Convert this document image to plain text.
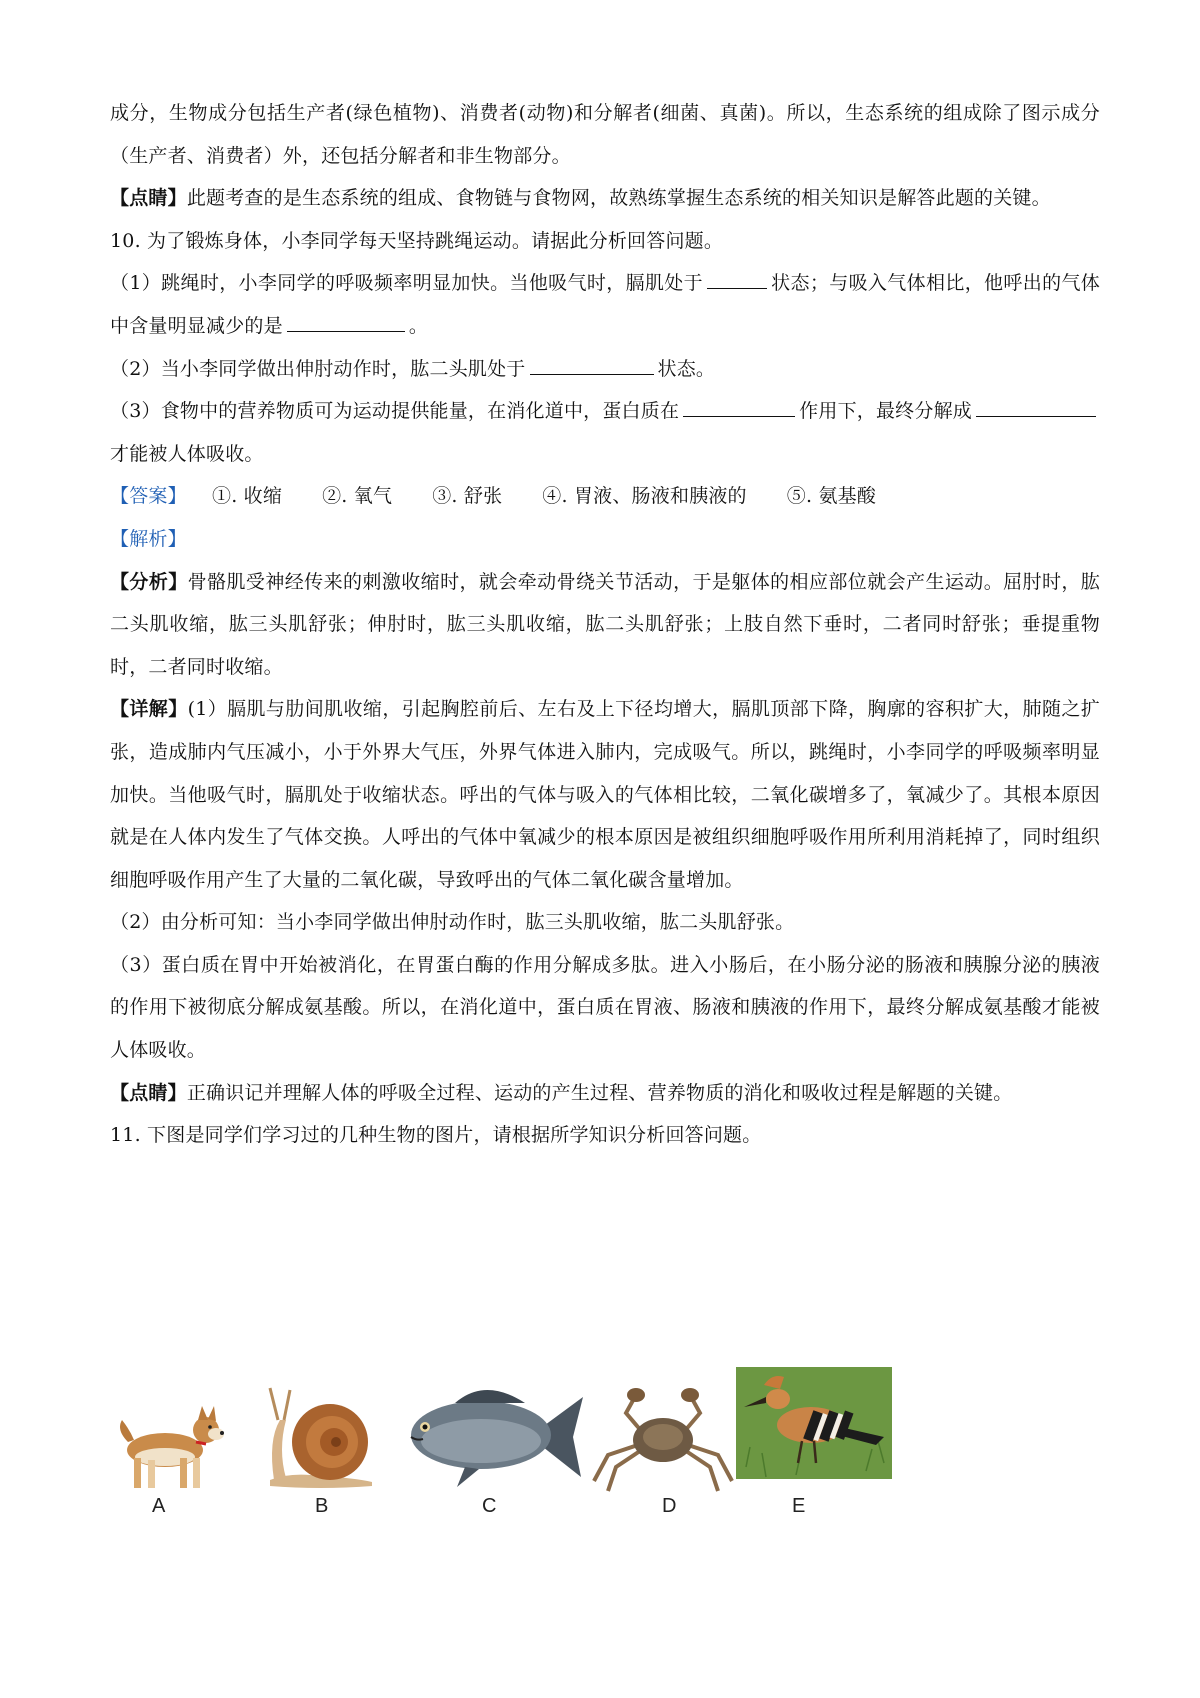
成分，生物成分包括生产者(绿色植物)、消费者(动物)和分解者(细菌、真菌)。所以，生态系统的组成除了图示成分（生产者、消费者）外，还包括分解者和非生物部分。

【点睛】此题考查的是生态系统的组成、食物链与食物网，故熟练掌握生态系统的相关知识是解答此题的关键。

10. 为了锻炼身体，小李同学每天坚持跳绳运动。请据此分析回答问题。

（1）跳绳时，小李同学的呼吸频率明显加快。当他吸气时，膈肌处于	状态；与吸入气体相比，他呼出的气体中含量明显减少的是	。

（2）当小李同学做出伸肘动作时，肱二头肌处于	状态。

（3）食物中的营养物质可为运动提供能量，在消化道中，蛋白质在	作用下，最终分解成才能被人体吸收。

【答案】	①. 收缩 ②. 氧气 ③. 舒张 ④. 胃液、肠液和胰液的 ⑤. 氨基酸

【解析】

【分析】骨骼肌受神经传来的刺激收缩时，就会牵动骨绕关节活动，于是躯体的相应部位就会产生运动。屈肘时，肱二头肌收缩，肱三头肌舒张；伸肘时，肱三头肌收缩，肱二头肌舒张；上肢自然下垂时，二者同时舒张；垂提重物时，二者同时收缩。

【详解】(1）膈肌与肋间肌收缩，引起胸腔前后、左右及上下径均增大，膈肌顶部下降，胸廓的容积扩大，肺随之扩张，造成肺内气压减小，小于外界大气压，外界气体进入肺内，完成吸气。所以，跳绳时，小李同学的呼吸频率明显加快。当他吸气时，膈肌处于收缩状态。呼出的气体与吸入的气体相比较，二氧化碳增多了，氧减少了。其根本原因就是在人体内发生了气体交换。人呼出的气体中氧减少的根本原因是被组织细胞呼吸作用所利用消耗掉了，同时组织细胞呼吸作用产生了大量的二氧化碳，导致呼出的气体二氧化碳含量增加。

（2）由分析可知：当小李同学做出伸肘动作时，肱三头肌收缩，肱二头肌舒张。

（3）蛋白质在胃中开始被消化，在胃蛋白酶的作用分解成多肽。进入小肠后，在小肠分泌的肠液和胰腺分泌的胰液的作用下被彻底分解成氨基酸。所以，在消化道中，蛋白质在胃液、肠液和胰液的作用下，最终分解成氨基酸才能被人体吸收。

【点睛】正确识记并理解人体的呼吸全过程、运动的产生过程、营养物质的消化和吸收过程是解题的关键。

11. 下图是同学们学习过的几种生物的图片，请根据所学知识分析回答问题。

A	B	C	D	E
